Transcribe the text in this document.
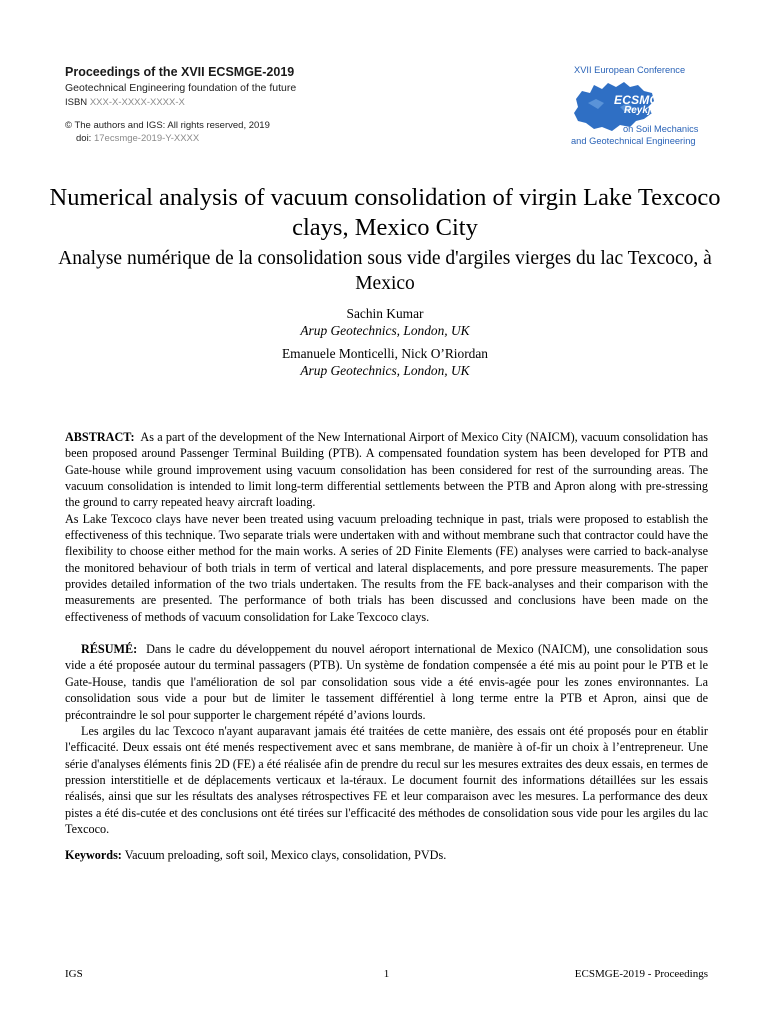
Proceedings of the XVII ECSMGE-2019
Geotechnical Engineering foundation of the future
ISBN XXX-X-XXXX-XXXX-X
© The authors and IGS: All rights reserved, 2019
doi: 17ecsmge-2019-Y-XXXX
XVII European Conference
ECSMGE 2019
Reykjavik
on Soil Mechanics
and Geotechnical Engineering
Numerical analysis of vacuum consolidation of virgin Lake Texcoco clays, Mexico City
Analyse numérique de la consolidation sous vide d'argiles vierges du lac Texcoco, à Mexico
Sachin Kumar
Arup Geotechnics, London, UK
Emanuele Monticelli, Nick O’Riordan
Arup Geotechnics, London, UK

ABSTRACT: As a part of the development of the New International Airport of Mexico City (NAICM), vacuum consolidation has been proposed around Passenger Terminal Building (PTB). A compensated foundation system has been developed for PTB and Gate-house while ground improvement using vacuum consolidation has been considered for rest of the surrounding areas. The vacuum consolidation is intended to limit long-term differential settlements between the PTB and Apron along with pre-stressing the ground to carry repeated heavy aircraft loading.

As Lake Texcoco clays have never been treated using vacuum preloading technique in past, trials were proposed to establish the effectiveness of this technique. Two separate trials were undertaken with and without membrane such that contractor could have the flexibility to choose either method for the main works. A series of 2D Finite Elements (FE) analyses were carried to back-analyse the monitored behaviour of both trials in term of vertical and lateral displacements, and pore pressure measurements. The paper provides detailed information of the two trials undertaken. The results from the FE back-analyses and their comparison with the measurements are presented. The performance of both trials has been discussed and conclusions have been made on the effectiveness of methods of vacuum consolidation for Lake Texcoco clays.

RÉSUMÉ: Dans le cadre du développement du nouvel aéroport international de Mexico (NAICM), une consolidation sous vide a été proposée autour du terminal passagers (PTB). Un système de fondation compensée a été mis au point pour le PTB et le Gate-House, tandis que l'amélioration de sol par consolidation sous vide a été envis-agée pour les zones environnantes. La consolidation sous vide a pour but de limiter le tassement différentiel à long terme entre la PTB et Apron, ainsi que de précontraindre le sol pour supporter le chargement répété d’avions lourds.

Les argiles du lac Texcoco n'ayant auparavant jamais été traitées de cette manière, des essais ont été proposés pour en établir l'efficacité. Deux essais ont été menés respectivement avec et sans membrane, de manière à of-fir un choix à l’entrepreneur. Une série d'analyses éléments finis 2D (FE) a été réalisée afin de prendre du recul sur les mesures extraites des deux essais, en termes de pression interstitielle et de déplacements verticaux et la-téraux. Le document fournit des informations détaillées sur les essais réalisés, ainsi que sur les résultats des analyses rétrospectives FE et leur comparaison avec les mesures. La performance des deux pistes a été dis-cutée et des conclusions ont été tirées sur l'efficacité des méthodes de consolidation sous vide pour les argiles du lac Texcoco.

Keywords: Vacuum preloading, soft soil, Mexico clays, consolidation, PVDs.

IGS	1	ECSMGE-2019 - Proceedings
